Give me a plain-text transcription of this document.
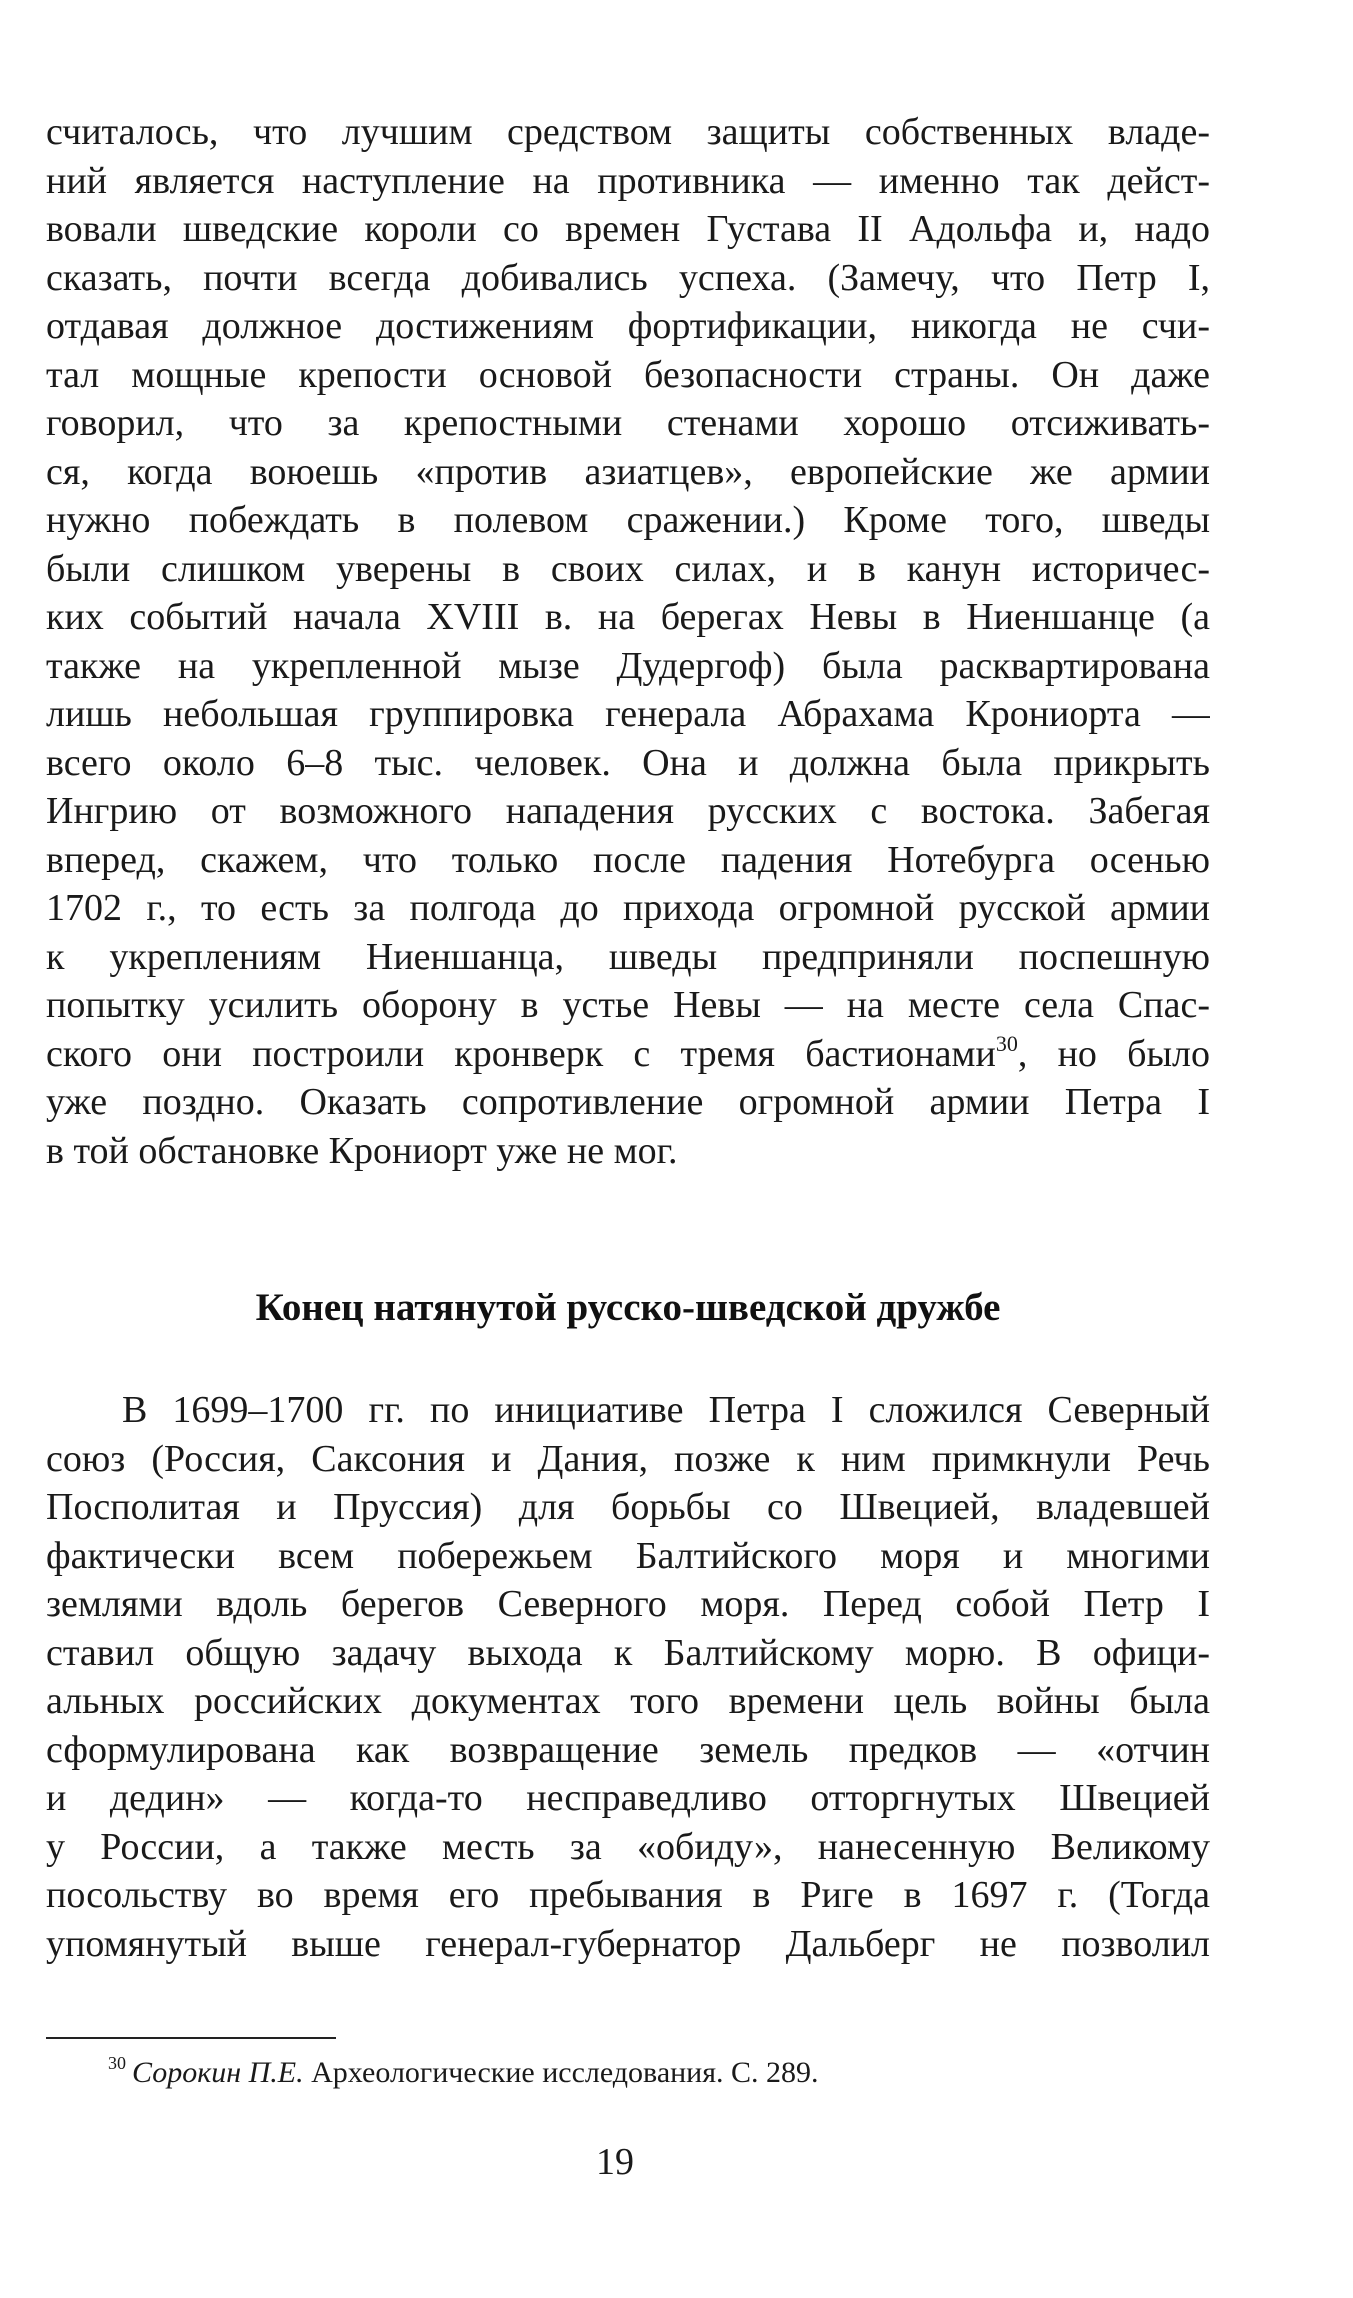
считалось, что лучшим средством защиты собственных владе-
ний является наступление на противника — именно так дейст-
вовали шведские короли со времен Густава II Адольфа и, надо
сказать, почти всегда добивались успеха. (Замечу, что Петр I,
отдавая должное достижениям фортификации, никогда не счи-
тал мощные крепости основой безопасности страны. Он даже
говорил, что за крепостными стенами хорошо отсиживать-
ся, когда воюешь «против азиатцев», европейские же армии
нужно побеждать в полевом сражении.) Кроме того, шведы
были слишком уверены в своих силах, и в канун историчес-
ких событий начала XVIII в. на берегах Невы в Ниеншанце (а
также на укрепленной мызе Дудергоф) была расквартирована
лишь небольшая группировка генерала Абрахама Крониорта —
всего около 6–8 тыс. человек. Она и должна была прикрыть
Ингрию от возможного нападения русских с востока. Забегая
вперед, скажем, что только после падения Нотебурга осенью
1702 г., то есть за полгода до прихода огромной русской армии
к укреплениям Ниеншанца, шведы предприняли поспешную
попытку усилить оборону в устье Невы — на месте села Спас-
ского они построили кронверк с тремя бастионами$^{30}$, но было
уже поздно. Оказать сопротивление огромной армии Петра I
в той обстановке Крониорт уже не мог.
Конец натянутой русско-шведской дружбе
В 1699–1700 гг. по инициативе Петра I сложился Северный
союз (Россия, Саксония и Дания, позже к ним примкнули Речь
Посполитая и Пруссия) для борьбы со Швецией, владевшей
фактически всем побережьем Балтийского моря и многими
землями вдоль берегов Северного моря. Перед собой Петр I
ставил общую задачу выхода к Балтийскому морю. В офици-
альных российских документах того времени цель войны была
сформулирована как возвращение земель предков — «отчин
и дедин» — когда-то несправедливо отторгнутых Швецией
у России, а также месть за «обиду», нанесенную Великому
посольству во время его пребывания в Риге в 1697 г. (Тогда
упомянутый выше генерал-губернатор Дальберг не позволил
$^{30}$ Сорокин П.Е. Археологические исследования. С. 289.
19
